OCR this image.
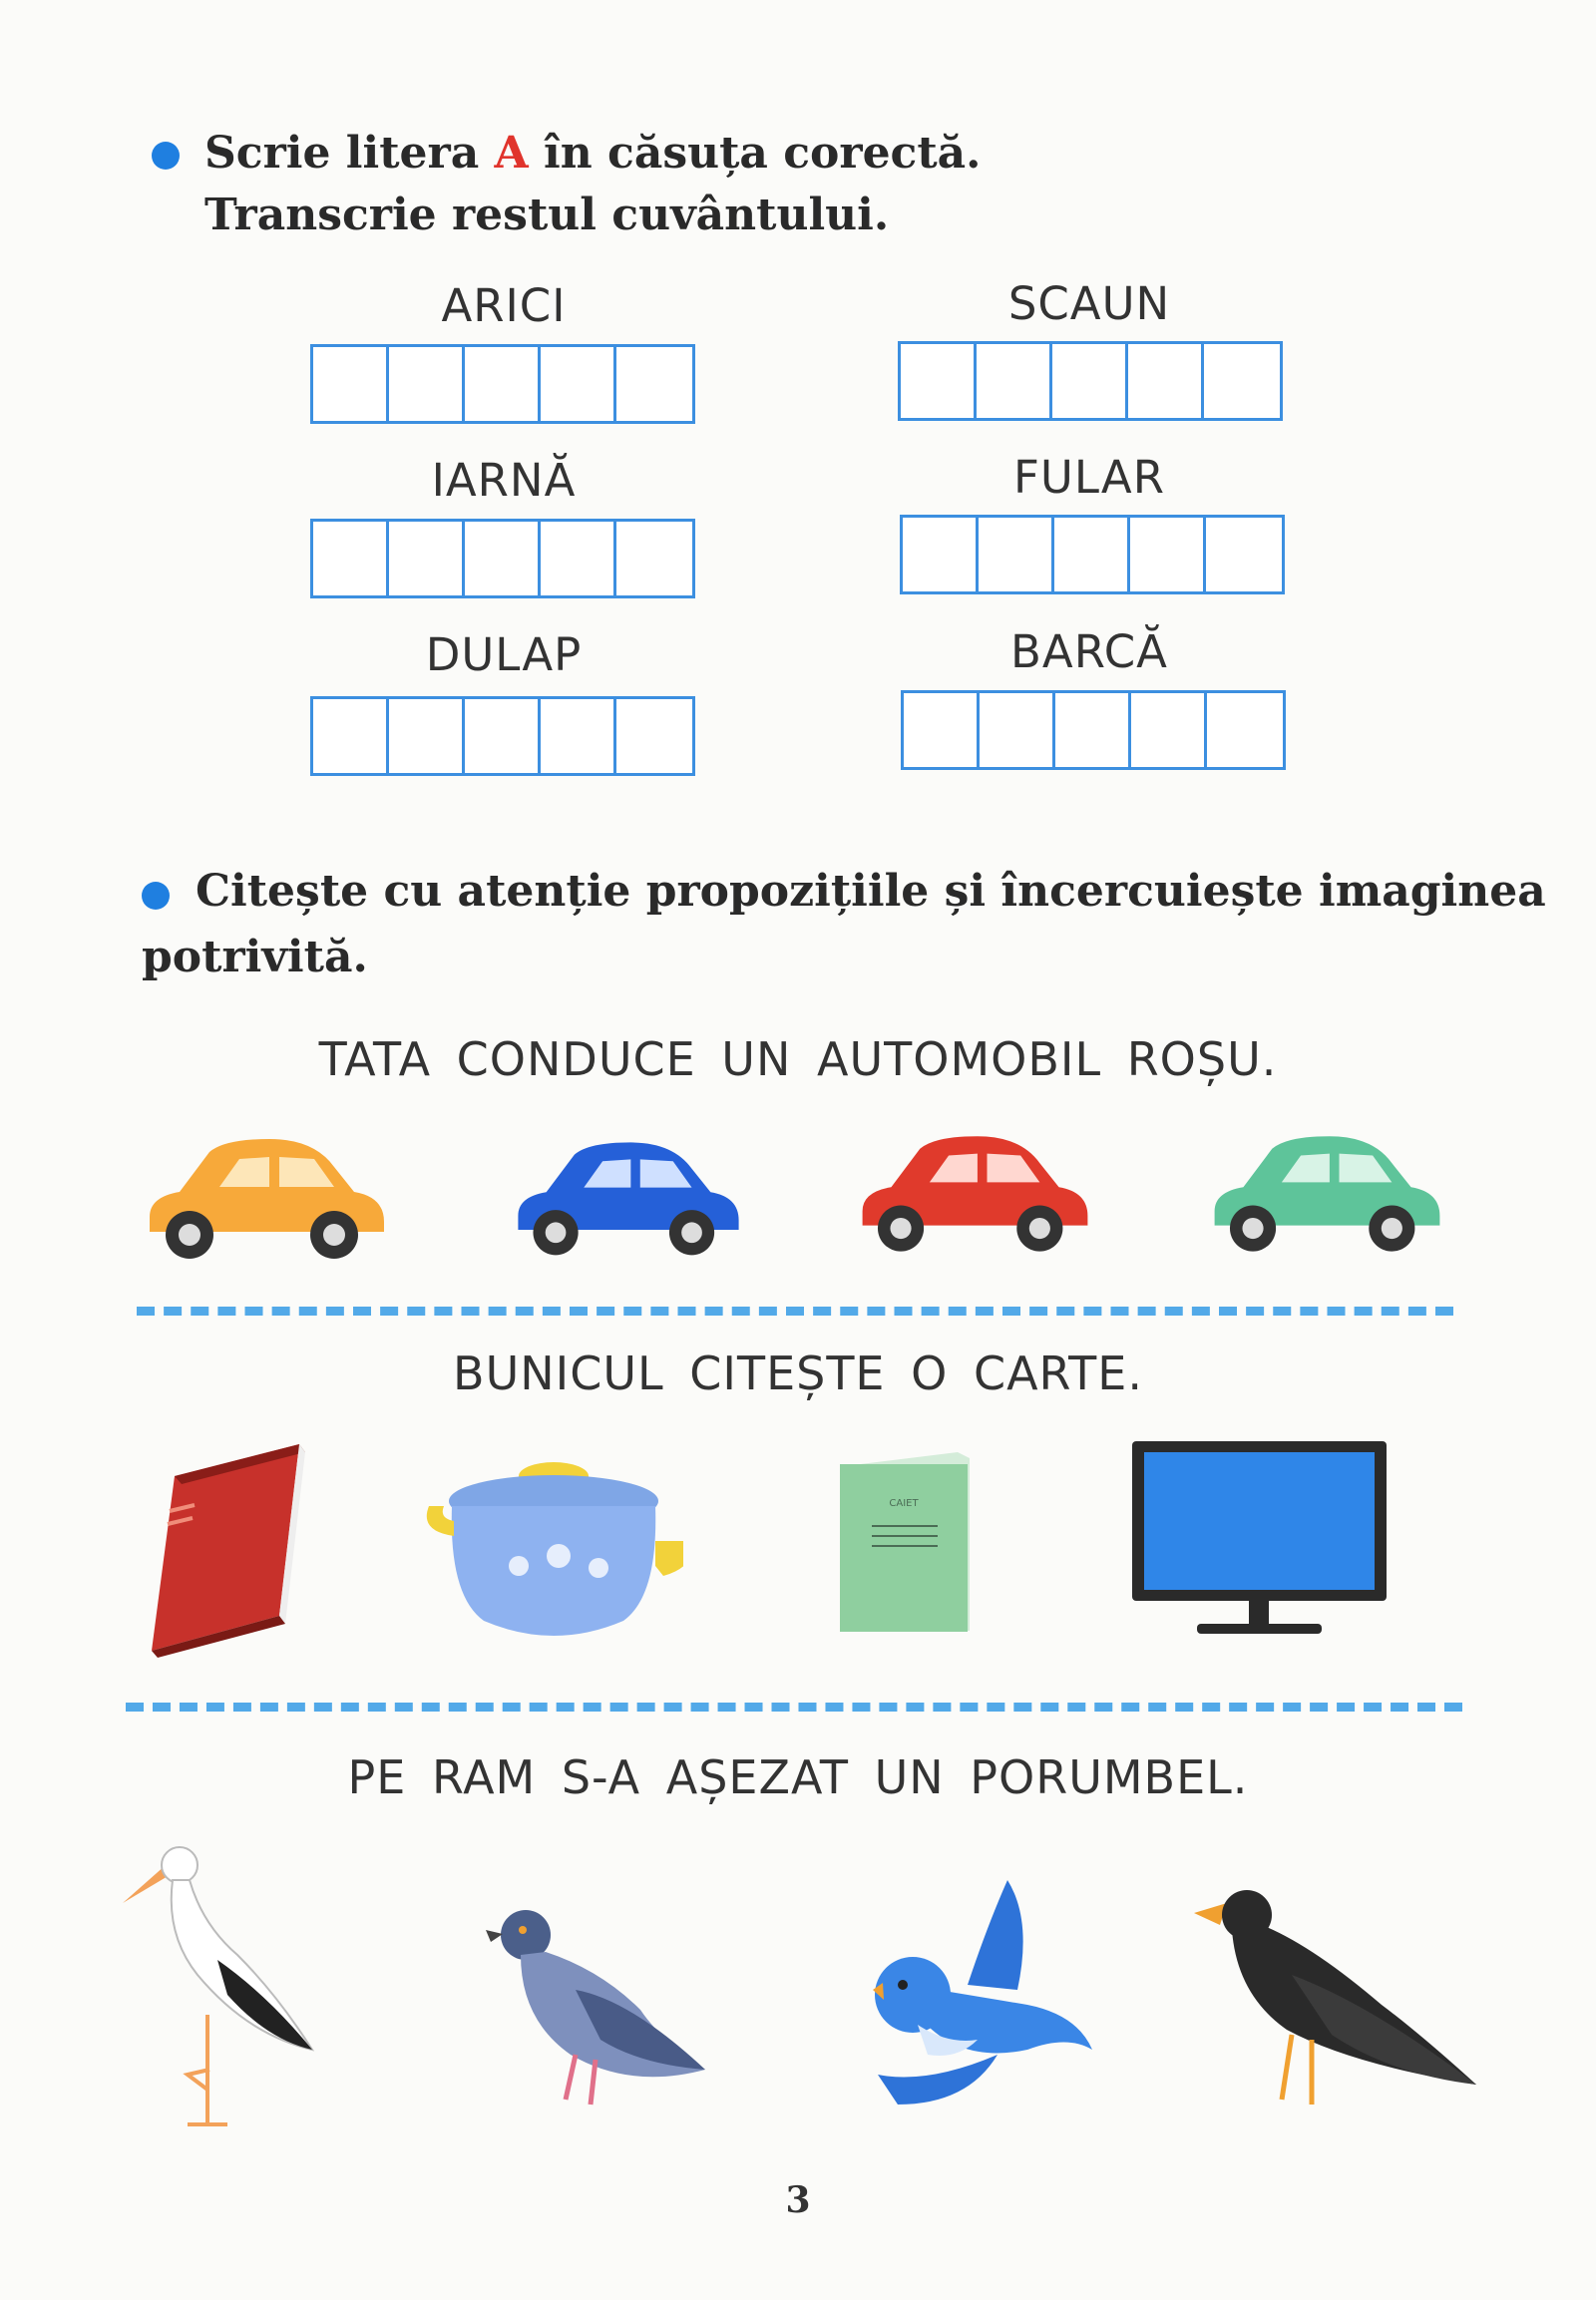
Scrie litera A în căsuța corectă.
Transcrie restul cuvântului.
ARICI	SCAUN
IARNĂ	FULAR
DULAP	BARCĂ
Citește cu atenție propozițiile și încercuiește imaginea
potrivită.
TATA CONDUCE UN AUTOMOBIL ROȘU.
BUNICUL CITEȘTE O CARTE.
CAIET
PE RAM S-A AȘEZAT UN PORUMBEL.
3
